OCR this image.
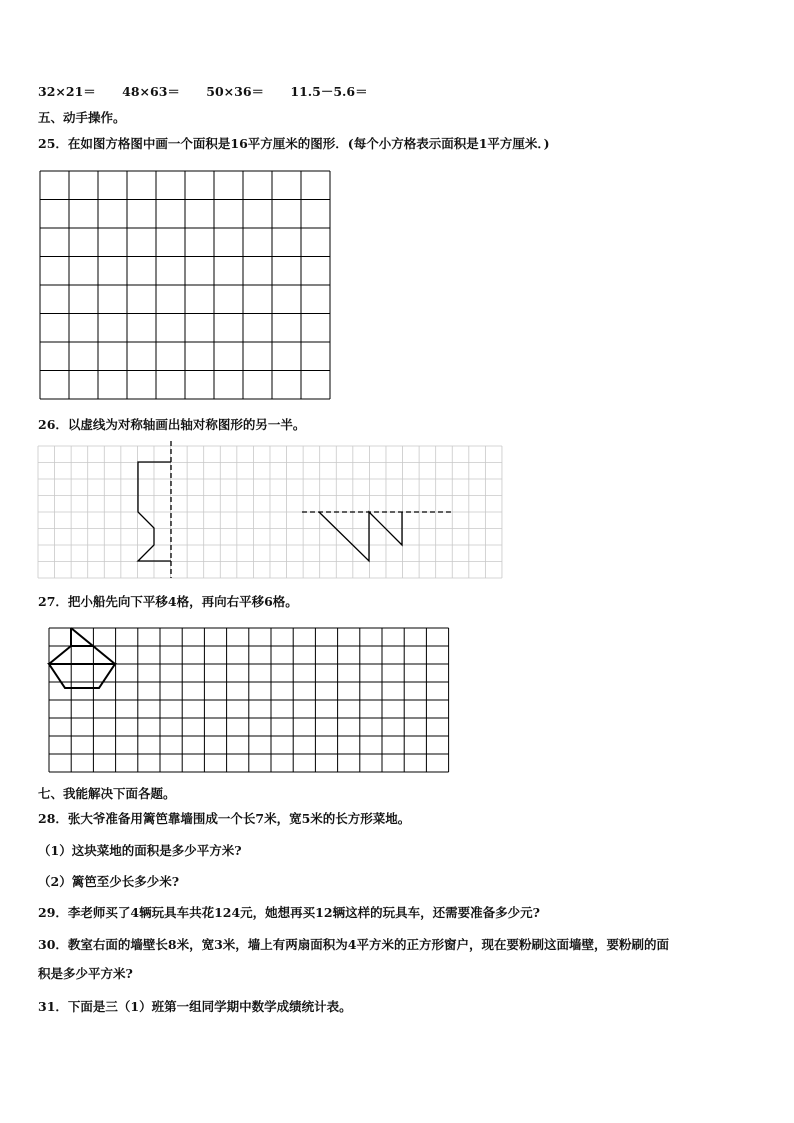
32×21＝ 48×63＝ 50×36＝ 11.5－5.6＝
五、动手操作。
25．在如图方格图中画一个面积是16平方厘米的图形．(每个小方格表示面积是1平方厘米．)
26．以虚线为对称轴画出轴对称图形的另一半。
27．把小船先向下平移4格，再向右平移6格。
七、我能解决下面各题。
28．张大爷准备用篱笆靠墙围成一个长7米，宽5米的长方形菜地。
（1）这块菜地的面积是多少平方米?
（2）篱笆至少长多少米?
29．李老师买了4辆玩具车共花124元，她想再买12辆这样的玩具车，还需要准备多少元?
30．教室右面的墙壁长8米，宽3米，墙上有两扇面积为4平方米的正方形窗户，现在要粉刷这面墙壁，要粉刷的面
积是多少平方米?
31．下面是三（1）班第一组同学期中数学成绩统计表。
